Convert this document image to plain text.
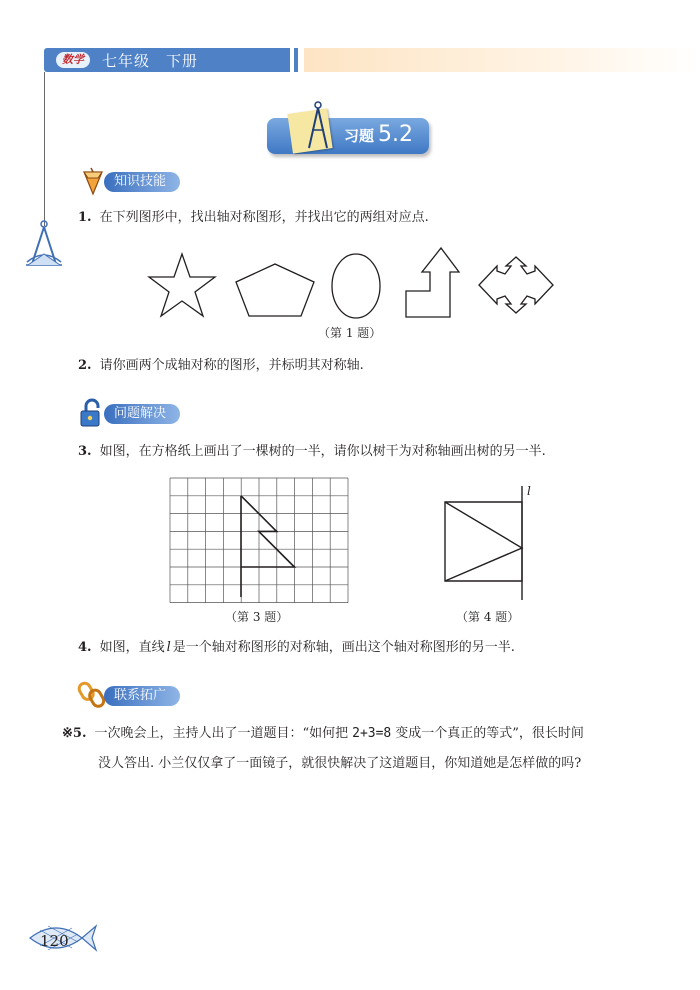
数学	七年级　下册
习题 5.2
知识技能
1. 在下列图形中，找出轴对称图形，并找出它的两组对应点.
（第 1 题）
2. 请你画两个成轴对称的图形，并标明其对称轴.
问题解决
3. 如图，在方格纸上画出了一棵树的一半，请你以树干为对称轴画出树的另一半.
（第 3 题）
l
（第 4 题）
4. 如图，直线 l 是一个轴对称图形的对称轴，画出这个轴对称图形的另一半.
联系拓广
※5. 一次晚会上，主持人出了一道题目：“如何把 2+3=8 变成一个真正的等式”，很长时间
没人答出. 小兰仅仅拿了一面镜子，就很快解决了这道题目，你知道她是怎样做的吗?
120
